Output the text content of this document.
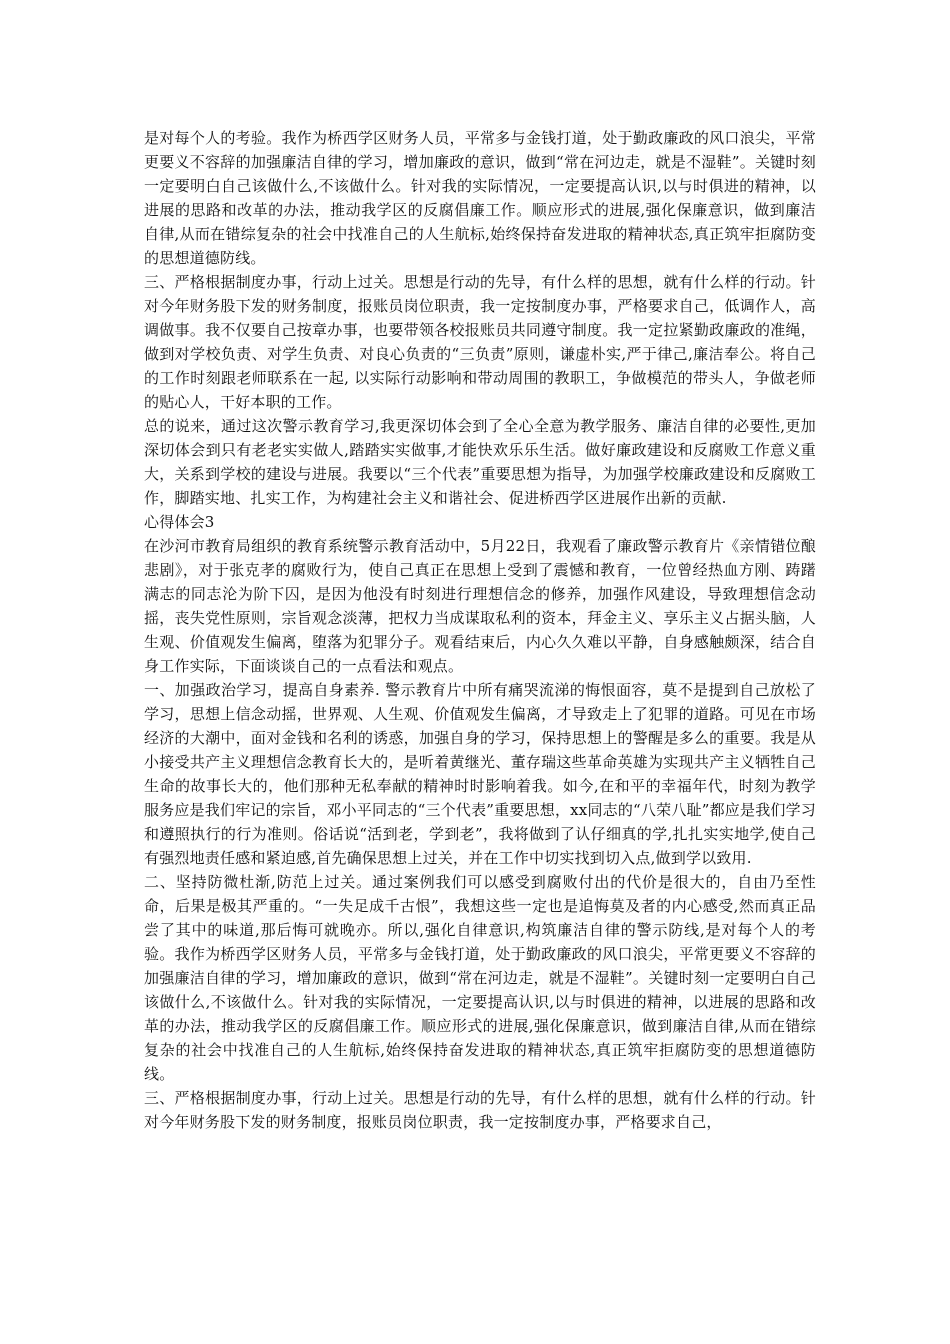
是对每个人的考验。我作为桥西学区财务人员，平常多与金钱打道，处于勤政廉政的风口浪尖，平常更要义不容辞的加强廉洁自律的学习，增加廉政的意识，做到“常在河边走，就是不湿鞋”。关键时刻一定要明白自己该做什么,不该做什么。针对我的实际情况，一定要提高认识,以与时俱进的精神，以进展的思路和改革的办法，推动我学区的反腐倡廉工作。顺应形式的进展,强化保廉意识，做到廉洁自律,从而在错综复杂的社会中找准自己的人生航标,始终保持奋发进取的精神状态,真正筑牢拒腐防变的思想道德防线。

三、严格根据制度办事，行动上过关。思想是行动的先导，有什么样的思想，就有什么样的行动。针对今年财务股下发的财务制度，报账员岗位职责，我一定按制度办事，严格要求自己，低调作人，高调做事。我不仅要自己按章办事，也要带领各校报账员共同遵守制度。我一定拉紧勤政廉政的准绳，做到对学校负责、对学生负责、对良心负责的“三负责”原则，谦虚朴实,严于律己,廉洁奉公。将自己的工作时刻跟老师联系在一起, 以实际行动影响和带动周围的教职工，争做模范的带头人，争做老师的贴心人，干好本职的工作。

总的说来，通过这次警示教育学习,我更深切体会到了全心全意为教学服务、廉洁自律的必要性,更加深切体会到只有老老实实做人,踏踏实实做事,才能快欢乐乐生活。做好廉政建设和反腐败工作意义重大，关系到学校的建设与进展。我要以“三个代表”重要思想为指导，为加强学校廉政建设和反腐败工作，脚踏实地、扎实工作，为构建社会主义和谐社会、促进桥西学区进展作出新的贡献.

心得体会3

在沙河市教育局组织的教育系统警示教育活动中，5月22日，我观看了廉政警示教育片《亲情错位酿悲剧》，对于张克孝的腐败行为，使自己真正在思想上受到了震憾和教育，一位曾经热血方刚、踌躇满志的同志沦为阶下囚，是因为他没有时刻进行理想信念的修养，加强作风建设，导致理想信念动摇，丧失党性原则，宗旨观念淡薄，把权力当成谋取私利的资本，拜金主义、享乐主义占据头脑，人生观、价值观发生偏离，堕落为犯罪分子。观看结束后，内心久久难以平静，自身感触颇深，结合自身工作实际，下面谈谈自己的一点看法和观点。

一、加强政治学习，提高自身素养. 警示教育片中所有痛哭流涕的悔恨面容，莫不是提到自己放松了学习，思想上信念动摇，世界观、人生观、价值观发生偏离，才导致走上了犯罪的道路。可见在市场经济的大潮中，面对金钱和名利的诱惑，加强自身的学习，保持思想上的警醒是多么的重要。我是从小接受共产主义理想信念教育长大的，是听着黄继光、董存瑞这些革命英雄为实现共产主义牺牲自己生命的故事长大的，他们那种无私奉献的精神时时影响着我。如今,在和平的幸福年代，时刻为教学服务应是我们牢记的宗旨，邓小平同志的“三个代表”重要思想，xx同志的“八荣八耻”都应是我们学习和遵照执行的行为准则。俗话说“活到老，学到老”，我将做到了认仔细真的学,扎扎实实地学,使自己有强烈地责任感和紧迫感,首先确保思想上过关，并在工作中切实找到切入点,做到学以致用.

二、坚持防微杜渐,防范上过关。通过案例我们可以感受到腐败付出的代价是很大的，自由乃至性命，后果是极其严重的。“一失足成千古恨”，我想这些一定也是追悔莫及者的内心感受,然而真正品尝了其中的味道,那后悔可就晚亦。所以,强化自律意识,构筑廉洁自律的警示防线,是对每个人的考验。我作为桥西学区财务人员，平常多与金钱打道，处于勤政廉政的风口浪尖，平常更要义不容辞的加强廉洁自律的学习，增加廉政的意识，做到“常在河边走，就是不湿鞋”。关键时刻一定要明白自己该做什么,不该做什么。针对我的实际情况，一定要提高认识,以与时俱进的精神，以进展的思路和改革的办法，推动我学区的反腐倡廉工作。顺应形式的进展,强化保廉意识，做到廉洁自律,从而在错综复杂的社会中找准自己的人生航标,始终保持奋发进取的精神状态,真正筑牢拒腐防变的思想道德防线。

三、严格根据制度办事，行动上过关。思想是行动的先导，有什么样的思想，就有什么样的行动。针对今年财务股下发的财务制度，报账员岗位职责，我一定按制度办事，严格要求自己，
